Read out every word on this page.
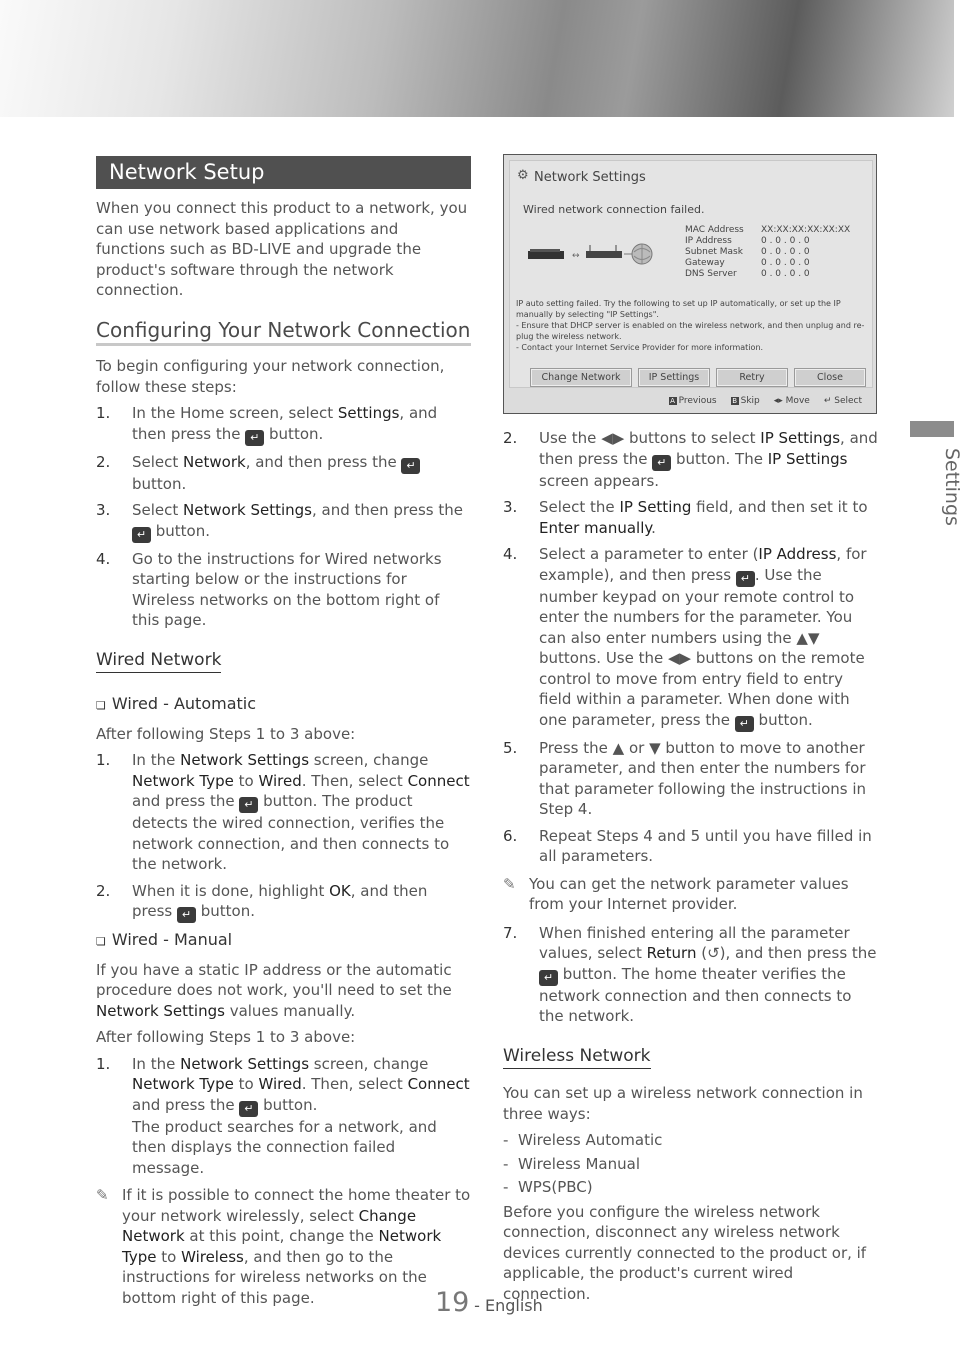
Network Setup

When you connect this product to a network, you can use network based applications and functions such as BD-LIVE and upgrade the product's software through the network connection.

Configuring Your Network Connection

To begin configuring your network connection, follow these steps:

1. In the Home screen, select Settings, and then press the ↵ button.
2. Select Network, and then press the ↵ button.
3. Select Network Settings, and then press the ↵ button.
4. Go to the instructions for Wired networks starting below or the instructions for Wireless networks on the bottom right of this page.
Wired Network
❏ Wired - Automatic

After following Steps 1 to 3 above:

1. In the Network Settings screen, change Network Type to Wired. Then, select Connect and press the ↵ button. The product detects the wired connection, verifies the network connection, and then connects to the network.
2. When it is done, highlight OK, and then press ↵ button.
❏ Wired - Manual

If you have a static IP address or the automatic procedure does not work, you'll need to set the Network Settings values manually.

After following Steps 1 to 3 above:

1. In the Network Settings screen, change Network Type to Wired. Then, select Connect and press the ↵ button.
The product searches for a network, and then displays the connection failed message.
✎ If it is possible to connect the home theater to your network wirelessly, select Change Network at this point, change the Network Type to Wireless, and then go to the instructions for wireless networks on the bottom right of this page.
⚙ Network Settings
Wired network connection failed.
↔
MAC Address	XX:XX:XX:XX:XX:XX
IP Address	0 . 0 . 0 . 0
Subnet Mask	0 . 0 . 0 . 0
Gateway	0 . 0 . 0 . 0
DNS Server	0 . 0 . 0 . 0
IP auto setting failed. Try the following to set up IP automatically, or set up the IP manually by selecting "IP Settings".
- Ensure that DHCP server is enabled on the wireless network, and then unplug and re-plug the wireless network.
- Contact your Internet Service Provider for more information.
Change Network	IP Settings	Retry	Close
A Previous B Skip ◂▸ Move ↵ Select
2. Use the ◀▶ buttons to select IP Settings, and then press the ↵ button. The IP Settings screen appears.
3. Select the IP Setting field, and then set it to Enter manually.
4. Select a parameter to enter (IP Address, for example), and then press ↵ . Use the number keypad on your remote control to enter the numbers for the parameter. You can also enter numbers using the ▲▼ buttons. Use the ◀▶ buttons on the remote control to move from entry field to entry field within a parameter. When done with one parameter, press the ↵ button.
5. Press the ▲ or ▼ button to move to another parameter, and then enter the numbers for that parameter following the instructions in Step 4.
6. Repeat Steps 4 and 5 until you have filled in all parameters.
✎ You can get the network parameter values from your Internet provider.
7. When finished entering all the parameter values, select Return (↺), and then press the ↵ button. The home theater verifies the network connection and then connects to the network.
Wireless Network

You can set up a wireless network connection in three ways:

-  Wireless Automatic
-  Wireless Manual
-  WPS(PBC)

Before you configure the wireless network connection, disconnect any wireless network devices currently connected to the product or, if applicable, the product's current wired connection.

Settings
19 - English
